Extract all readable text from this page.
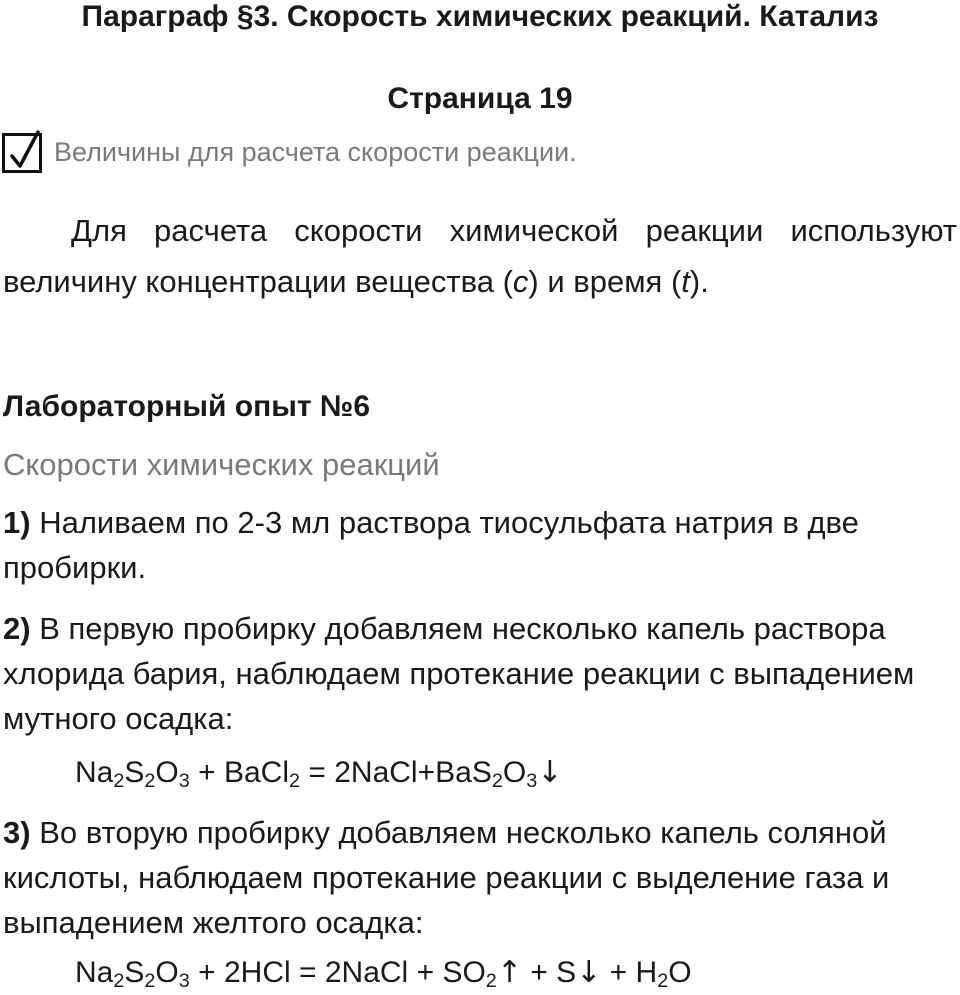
Параграф §3. Скорость химических реакций. Катализ
Страница 19
Величины для расчета скорости реакции.
Для расчета скорости химической реакции используют величину концентрации вещества (c) и время (t).
Лабораторный опыт №6
Скорости химических реакций
1) Наливаем по 2-3 мл раствора тиосульфата натрия в две пробирки.
2) В первую пробирку добавляем несколько капель раствора хлорида бария, наблюдаем протекание реакции с выпадением мутного осадка:
$Na_2S_2O_3$ + BaCl$_2$ = $2NaCl+BaS_2O_3↓$
3) Во вторую пробирку добавляем несколько капель соляной кислоты, наблюдаем протекание реакции с выделение газа и выпадением желтого осадка:
$Na_2S_2O_3 + 2HCl$ = 2NaCl + $SO_2↑$ + S↓ + $H_2O$
